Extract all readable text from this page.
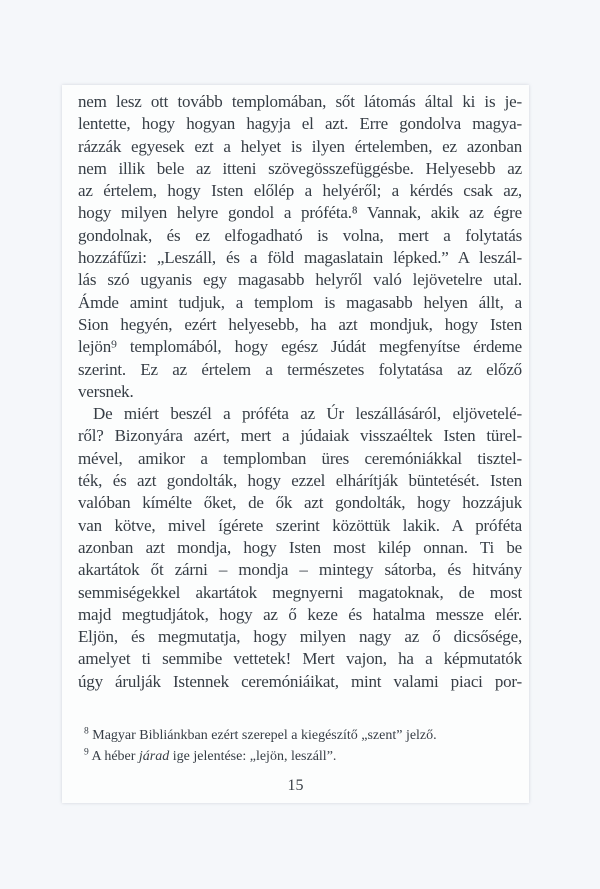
nem lesz ott tovább templomában, sőt látomás által ki is je-
lentette, hogy hogyan hagyja el azt. Erre gondolva magya-
rázzák egyesek ezt a helyet is ilyen értelemben, ez azonban
nem illik bele az itteni szövegösszefüggésbe. Helyesebb az
az értelem, hogy Isten előlép a helyéről; a kérdés csak az,
hogy milyen helyre gondol a próféta.⁸ Vannak, akik az égre
gondolnak, és ez elfogadható is volna, mert a folytatás
hozzáfűzi: „Leszáll, és a föld magaslatain lépked.” A leszál-
lás szó ugyanis egy magasabb helyről való lejövetelre utal.
Ámde amint tudjuk, a templom is magasabb helyen állt, a
Sion hegyén, ezért helyesebb, ha azt mondjuk, hogy Isten
lejön⁹ templomából, hogy egész Júdát megfenyítse érdeme
szerint. Ez az értelem a természetes folytatása az előző
versnek.
De miért beszél a próféta az Úr leszállásáról, eljövetelé-
ről? Bizonyára azért, mert a júdaiak visszaéltek Isten türel-
mével, amikor a templomban üres ceremóniákkal tisztel-
ték, és azt gondolták, hogy ezzel elhárítják büntetését. Isten
valóban kímélte őket, de ők azt gondolták, hogy hozzájuk
van kötve, mivel ígérete szerint közöttük lakik. A próféta
azonban azt mondja, hogy Isten most kilép onnan. Ti be
akartátok őt zárni – mondja – mintegy sátorba, és hitvány
semmiségekkel akartátok megnyerni magatoknak, de most
majd megtudjátok, hogy az ő keze és hatalma messze elér.
Eljön, és megmutatja, hogy milyen nagy az ő dicsősége,
amelyet ti semmibe vettetek! Mert vajon, ha a képmutatók
úgy árulják Istennek ceremóniáikat, mint valami piaci por-
$^8$ Magyar Bibliánkban ezért szerepel a kiegészítő „szent” jelző.
$^9$ A héber járad ige jelentése: „lejön, leszáll”.
15
